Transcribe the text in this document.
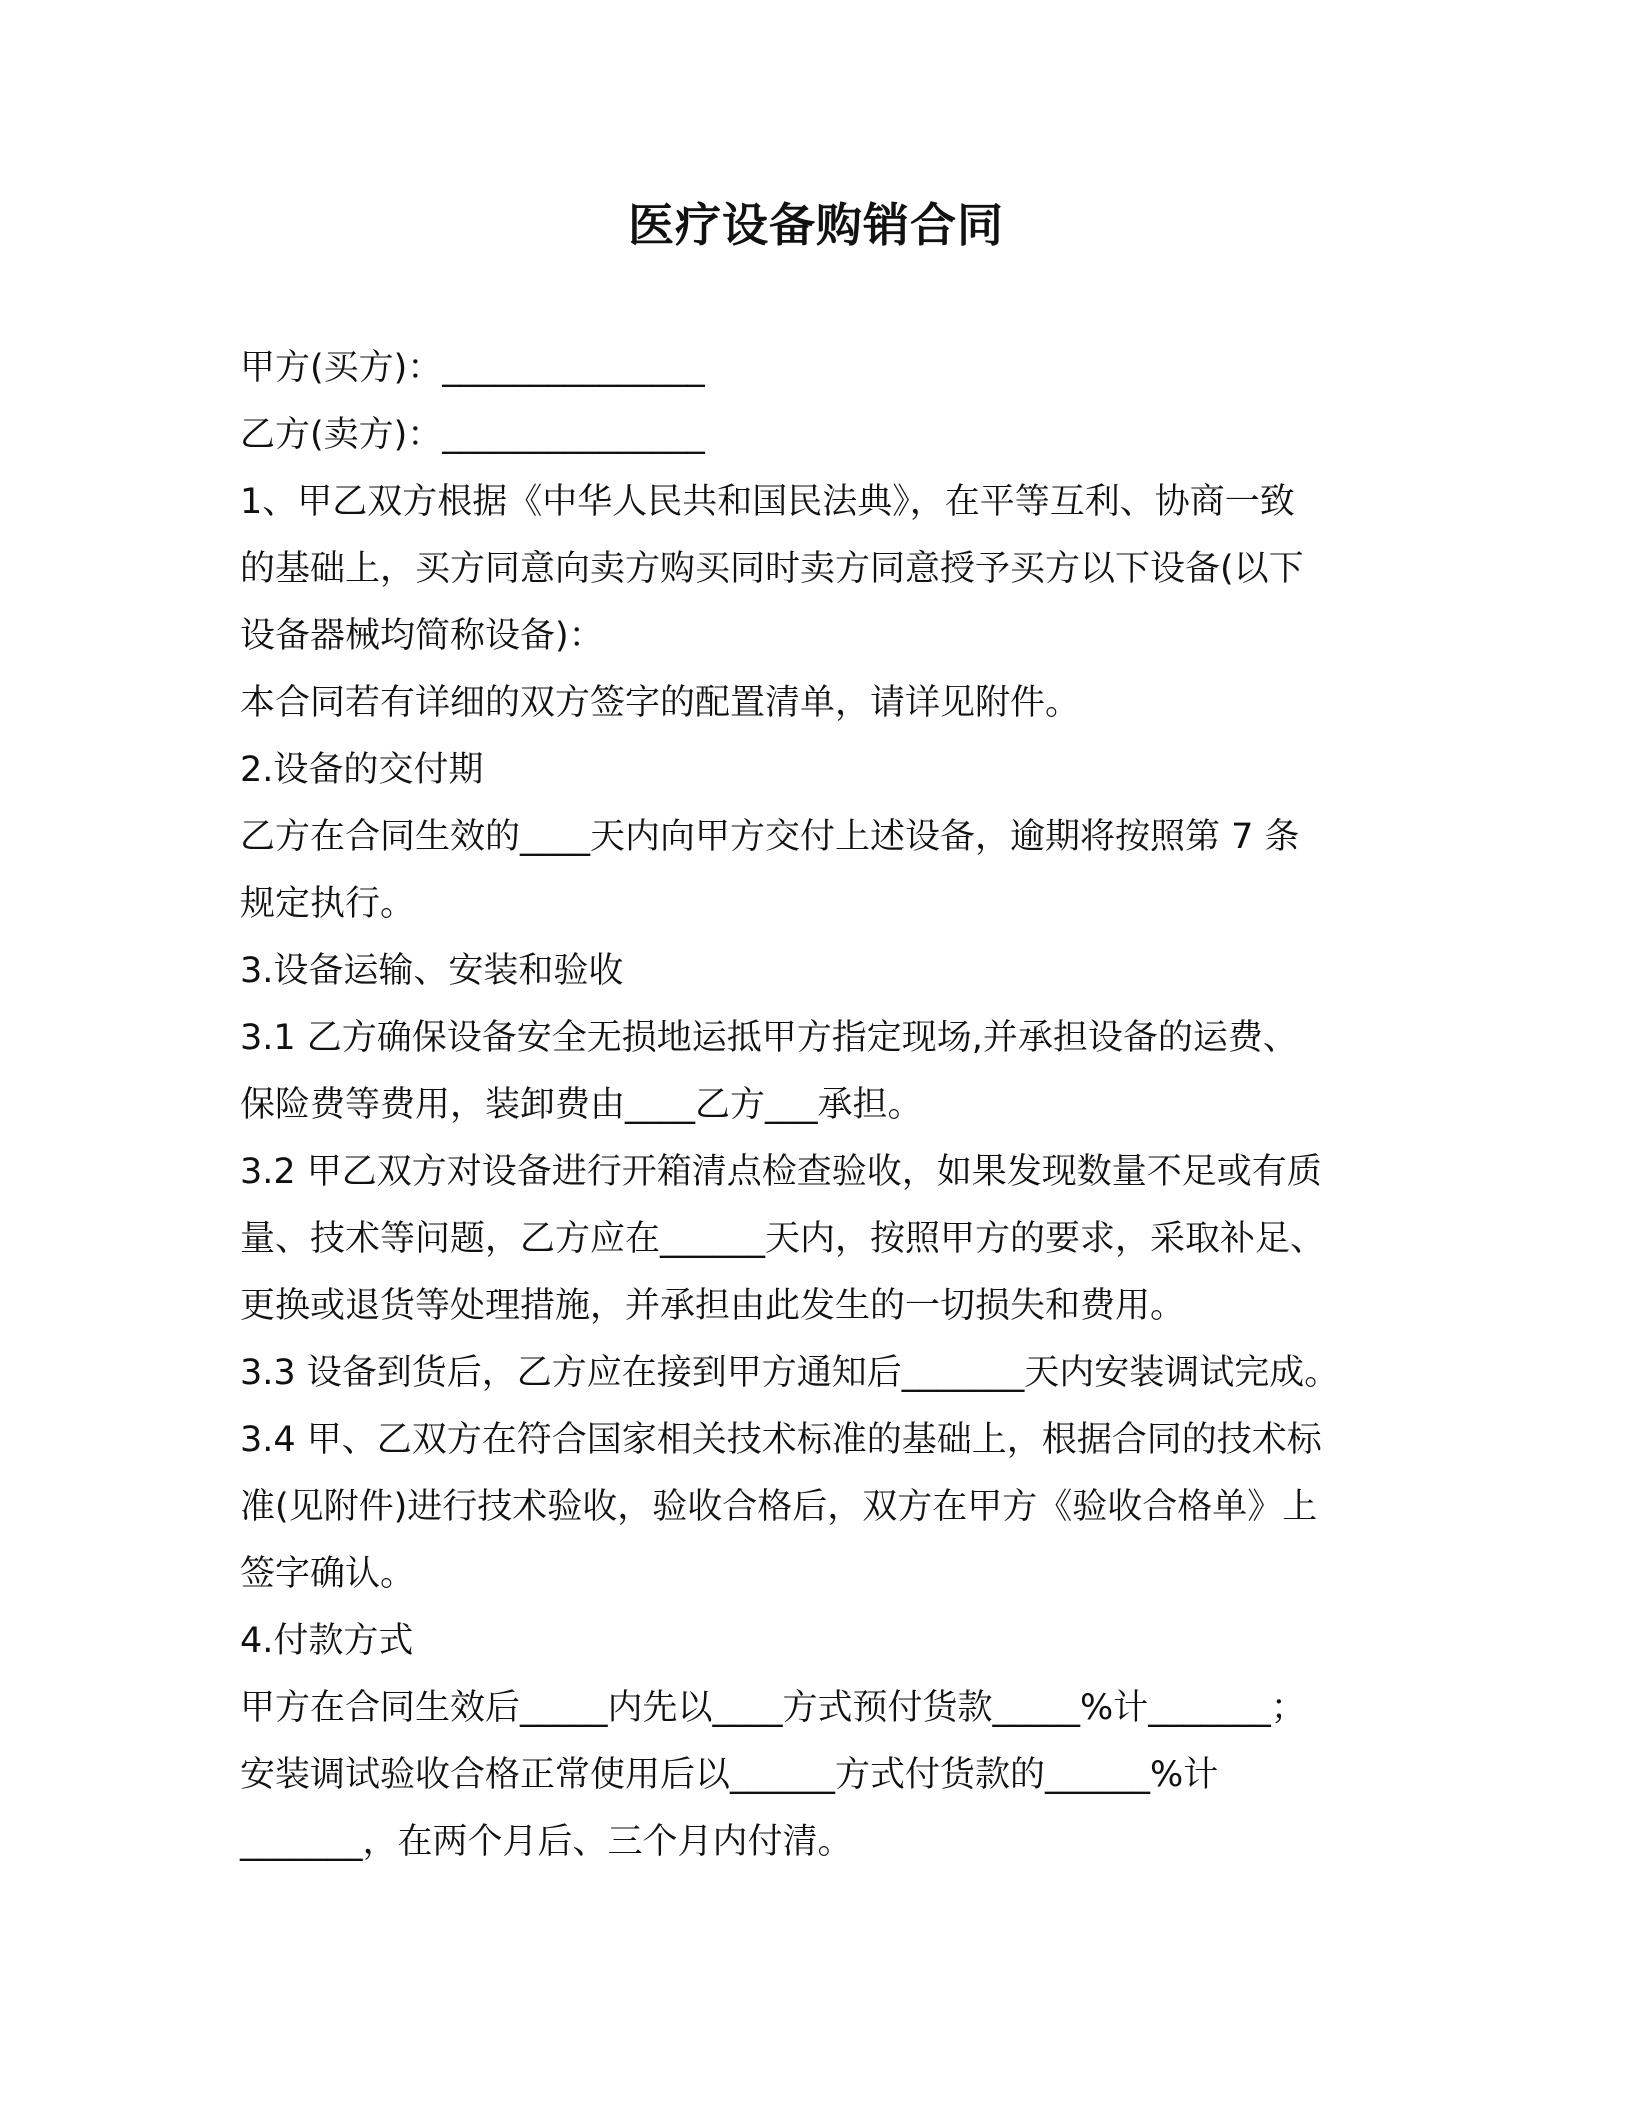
医疗设备购销合同
甲方(买方)：_______________
乙方(卖方)：_______________
1、甲乙双方根据《中华人民共和国民法典》，在平等互利、协商一致
的基础上，买方同意向卖方购买同时卖方同意授予买方以下设备(以下
设备器械均简称设备)：
本合同若有详细的双方签字的配置清单，请详见附件。
2.设备的交付期
乙方在合同生效的____天内向甲方交付上述设备，逾期将按照第 7 条
规定执行。
3.设备运输、安装和验收
3.1 乙方确保设备安全无损地运抵甲方指定现场,并承担设备的运费、
保险费等费用，装卸费由____乙方___承担。
3.2 甲乙双方对设备进行开箱清点检查验收，如果发现数量不足或有质
量、技术等问题，乙方应在______天内，按照甲方的要求，采取补足、
更换或退货等处理措施，并承担由此发生的一切损失和费用。
3.3 设备到货后，乙方应在接到甲方通知后_______天内安装调试完成。
3.4 甲、乙双方在符合国家相关技术标准的基础上，根据合同的技术标
准(见附件)进行技术验收，验收合格后，双方在甲方《验收合格单》上
签字确认。
4.付款方式
甲方在合同生效后_____内先以____方式预付货款_____%计_______；
安装调试验收合格正常使用后以______方式付货款的______%计
_______，在两个月后、三个月内付清。
